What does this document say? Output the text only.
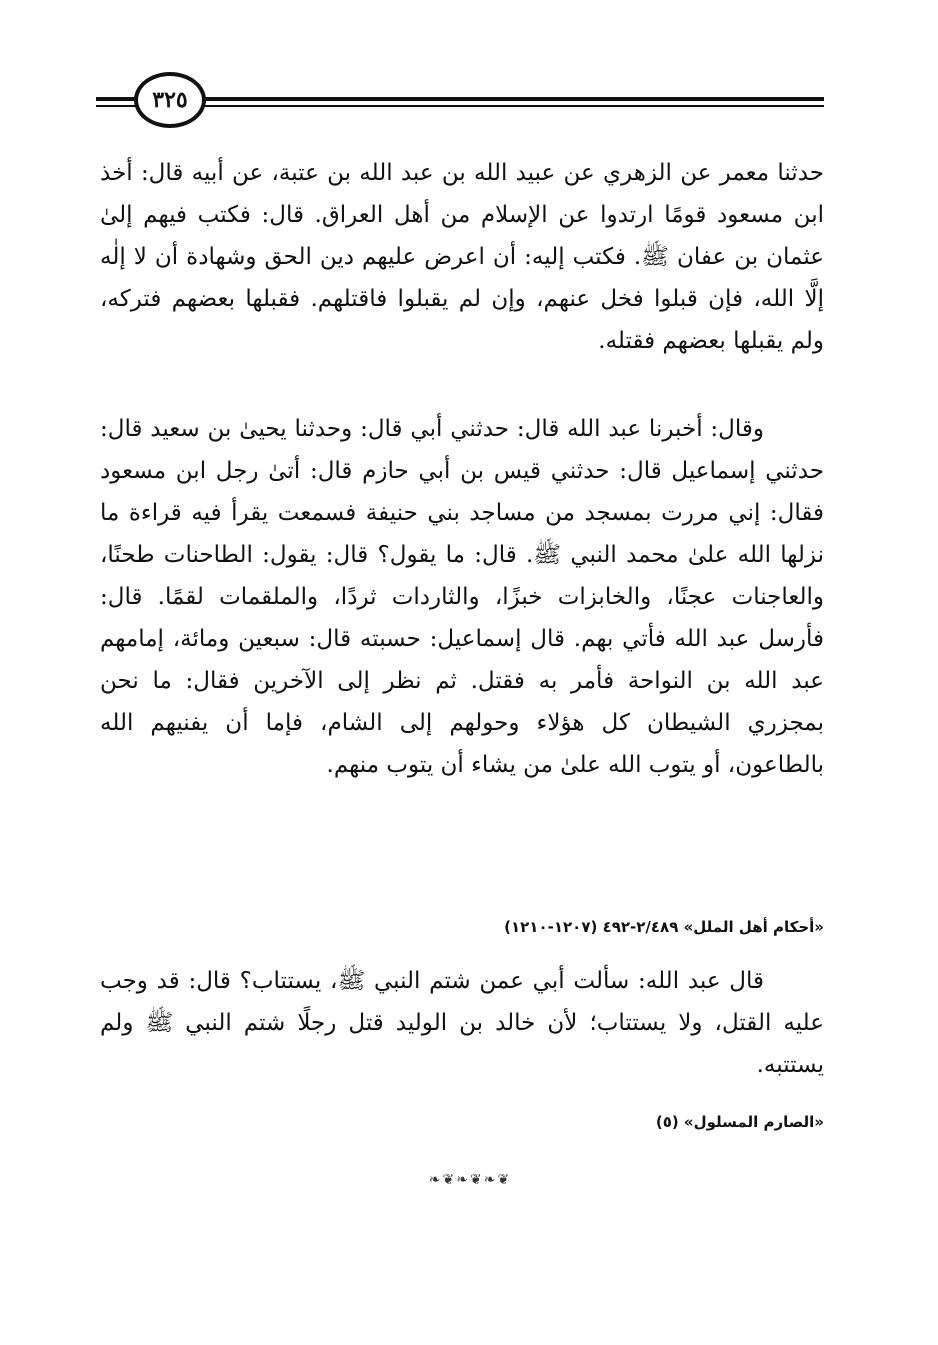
٣٢٥

حدثنا معمر عن الزهري عن عبيد الله بن عبد الله بن عتبة، عن أبيه قال: أخذ ابن مسعود قومًا ارتدوا عن الإسلام من أهل العراق. قال: فكتب فيهم إلىٰ عثمان بن عفان ﷺ. فكتب إليه: أن اعرض عليهم دين الحق وشهادة أن لا إلٰه إلَّا الله، فإن قبلوا فخل عنهم، وإن لم يقبلوا فاقتلهم. فقبلها بعضهم فتركه، ولم يقبلها بعضهم فقتله.

وقال: أخبرنا عبد الله قال: حدثني أبي قال: وحدثنا يحيىٰ بن سعيد قال: حدثني إسماعيل قال: حدثني قيس بن أبي حازم قال: أتىٰ رجل ابن مسعود فقال: إني مررت بمسجد من مساجد بني حنيفة فسمعت يقرأ فيه قراءة ما نزلها الله علىٰ محمد النبي ﷺ. قال: ما يقول؟ قال: يقول: الطاحنات طحنًا، والعاجنات عجنًا، والخابزات خبزًا، والثاردات ثردًا، والملقمات لقمًا. قال: فأرسل عبد الله فأتي بهم. قال إسماعيل: حسبته قال: سبعين ومائة، إمامهم عبد الله بن النواحة فأمر به فقتل. ثم نظر إلى الآخرين فقال: ما نحن بمجزري الشيطان كل هؤلاء وحولهم إلى الشام، فإما أن يفنيهم الله بالطاعون، أو يتوب الله علىٰ من يشاء أن يتوب منهم.

«أحكام أهل الملل» ٢/٤٨٩-٤٩٢ (١٢٠٧-١٢١٠)

قال عبد الله: سألت أبي عمن شتم النبي ﷺ، يستتاب؟ قال: قد وجب عليه القتل، ولا يستتاب؛ لأن خالد بن الوليد قتل رجلًا شتم النبي ﷺ ولم يستتبه.

«الصارم المسلول» (٥)
❧❦❧❦❧❦
